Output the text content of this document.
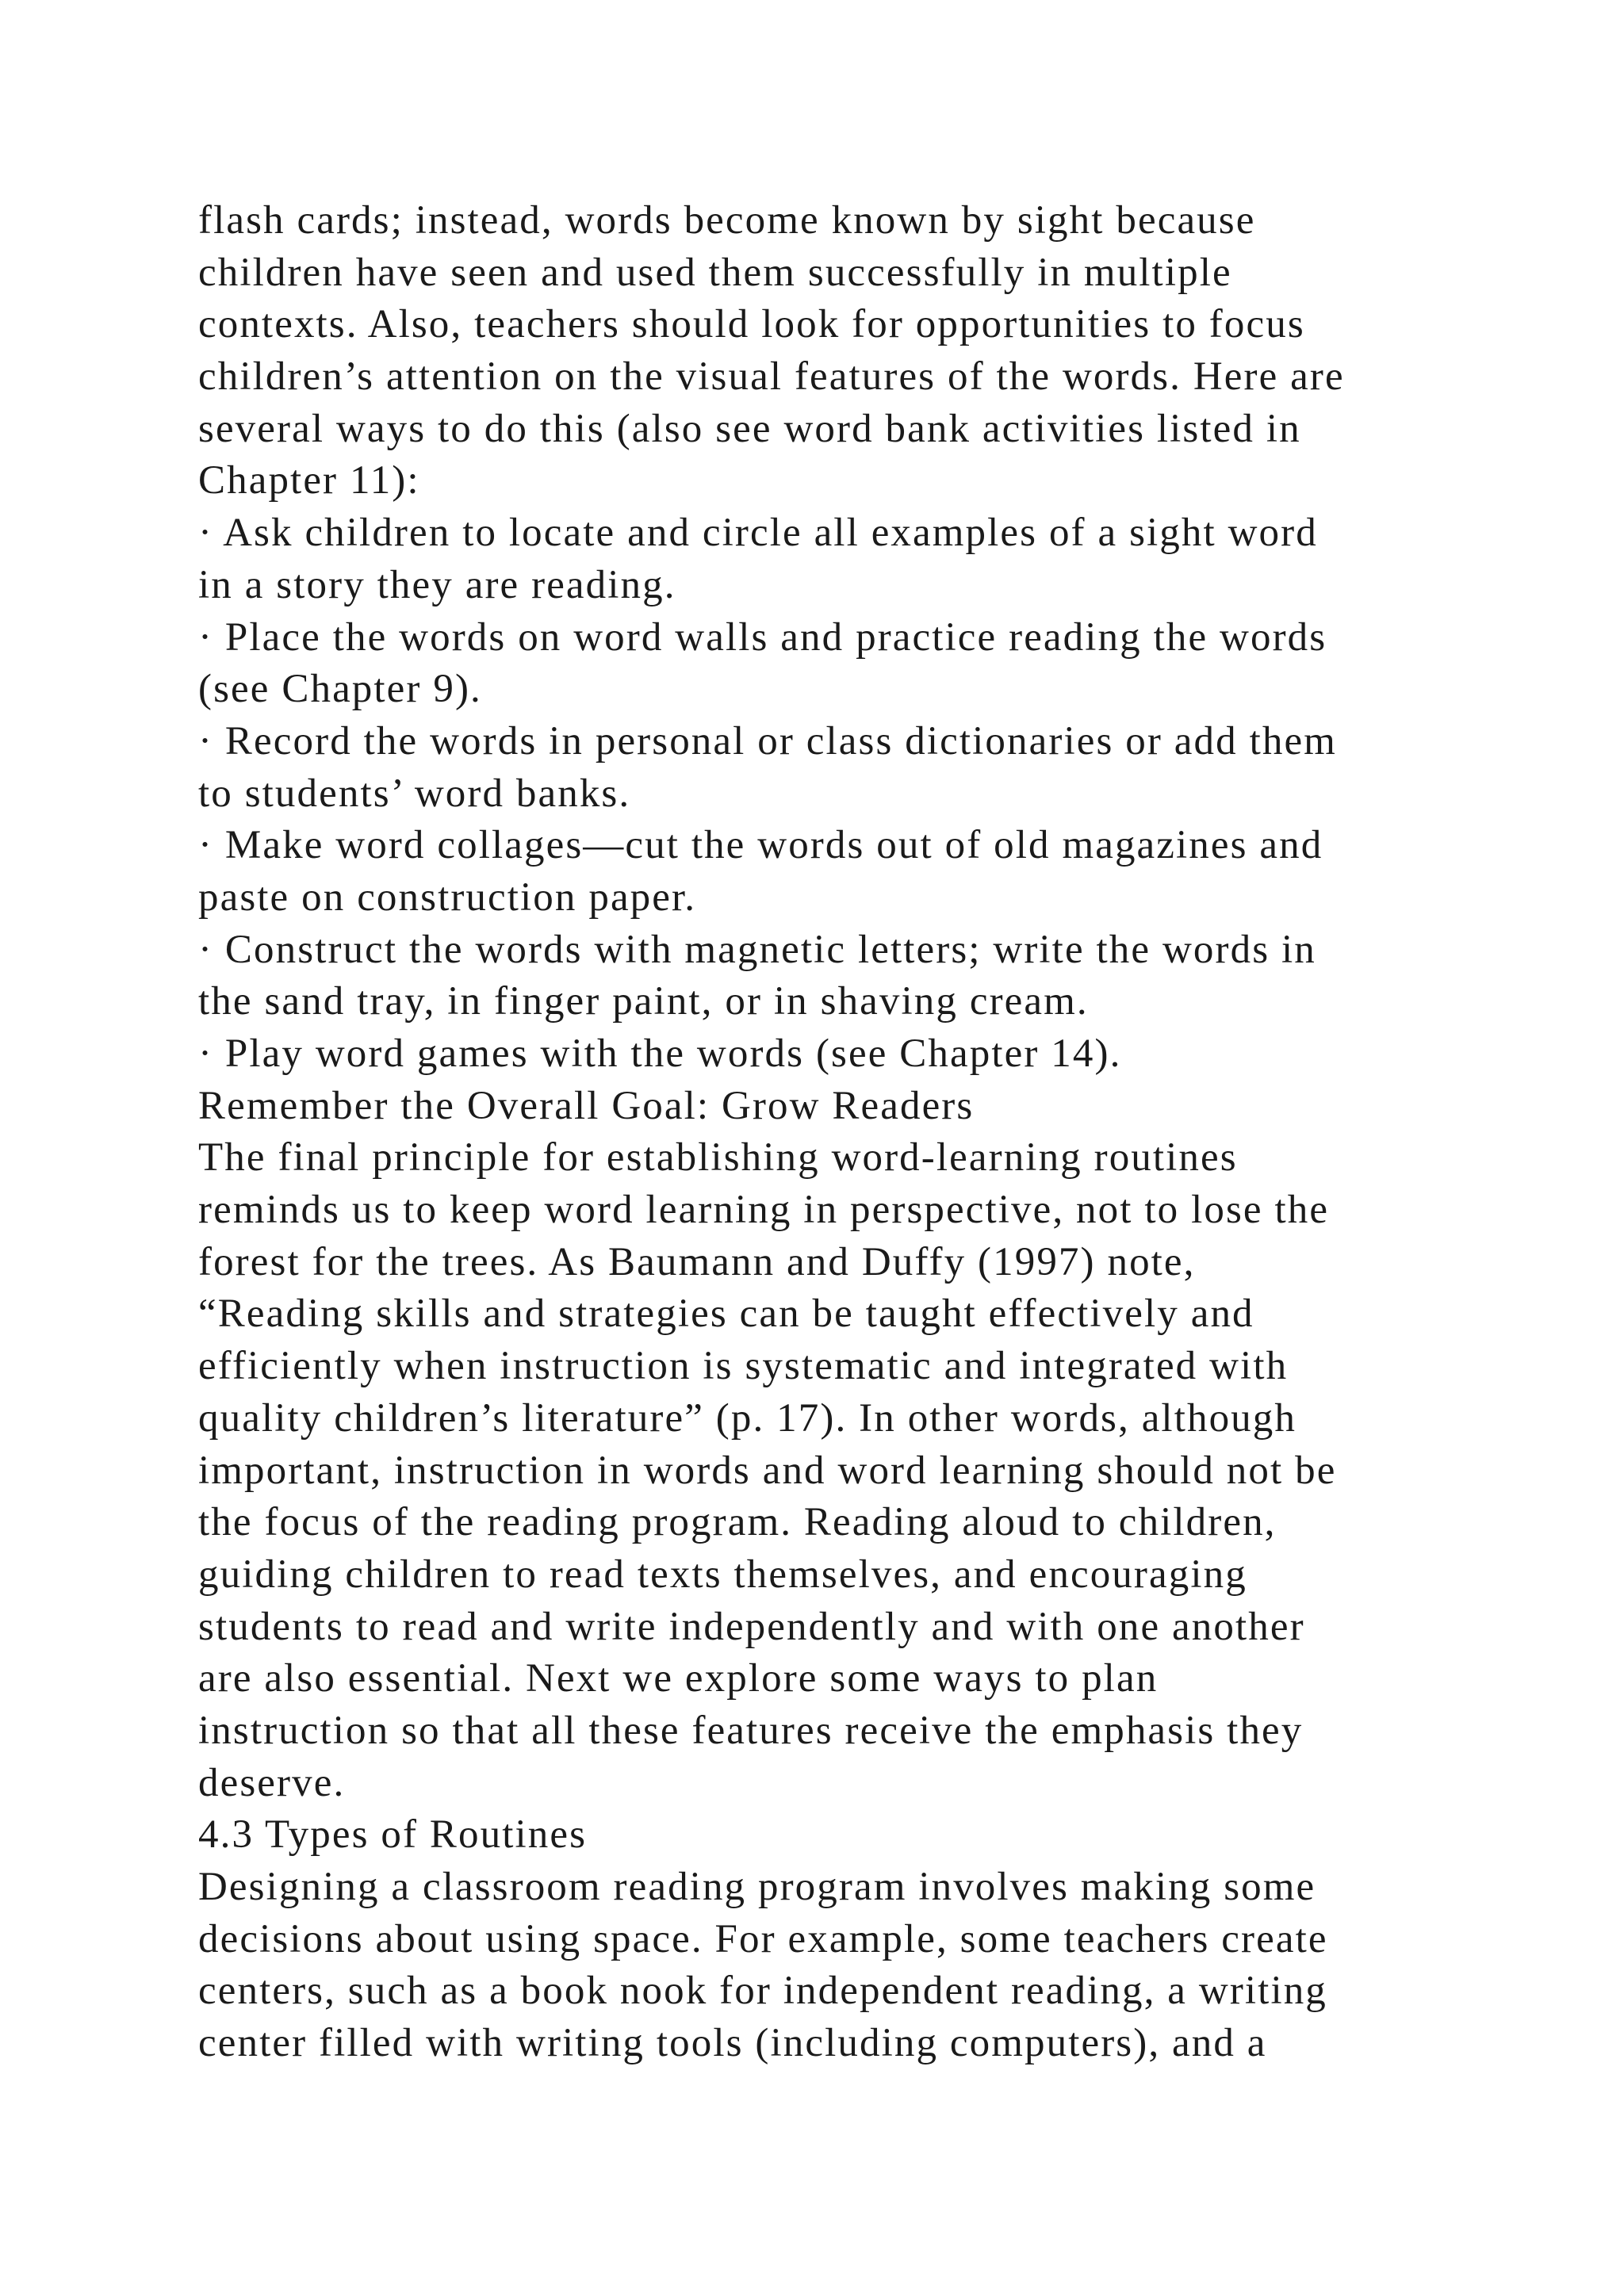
flash cards; instead, words become known by sight because
children have seen and used them successfully in multiple
contexts. Also, teachers should look for opportunities to focus
children’s attention on the visual features of the words. Here are
several ways to do this (also see word bank activities listed in
Chapter 11):
· Ask children to locate and circle all examples of a sight word
in a story they are reading.
· Place the words on word walls and practice reading the words
(see Chapter 9).
· Record the words in personal or class dictionaries or add them
to students’ word banks.
· Make word collages—cut the words out of old magazines and
paste on construction paper.
· Construct the words with magnetic letters; write the words in
the sand tray, in finger paint, or in shaving cream.
· Play word games with the words (see Chapter 14).
Remember the Overall Goal: Grow Readers
The final principle for establishing word-learning routines
reminds us to keep word learning in perspective, not to lose the
forest for the trees. As Baumann and Duffy (1997) note,
“Reading skills and strategies can be taught effectively and
efficiently when instruction is systematic and integrated with
quality children’s literature” (p. 17). In other words, although
important, instruction in words and word learning should not be
the focus of the reading program. Reading aloud to children,
guiding children to read texts themselves, and encouraging
students to read and write independently and with one another
are also essential. Next we explore some ways to plan
instruction so that all these features receive the emphasis they
deserve.
4.3 Types of Routines
Designing a classroom reading program involves making some
decisions about using space. For example, some teachers create
centers, such as a book nook for independent reading, a writing
center filled with writing tools (including computers), and a
